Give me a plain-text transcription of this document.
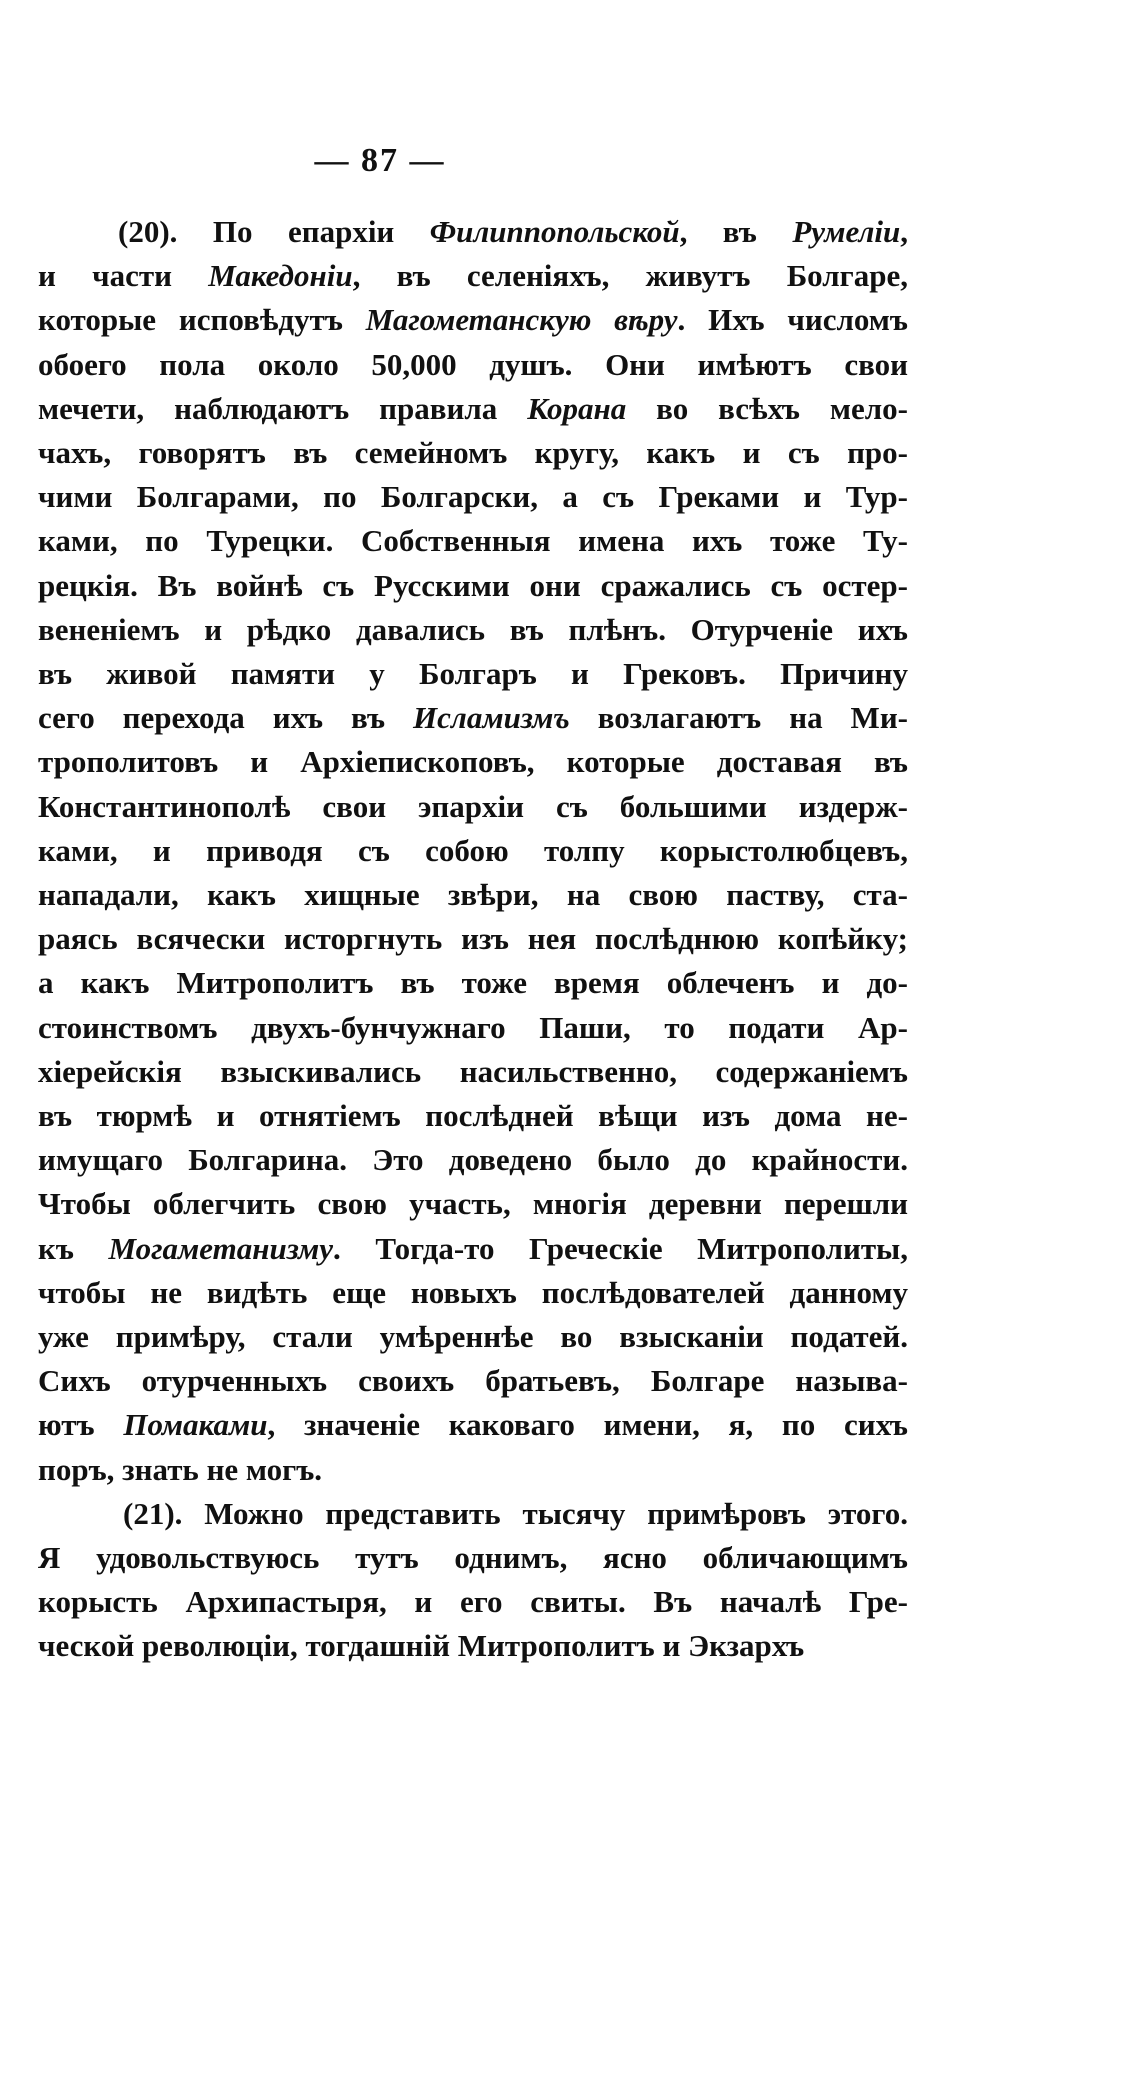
— 87 —
(20). По епархіи Филиппопольской, въ Румеліи,
и части Македоніи, въ селеніяхъ, живутъ Болгаре,
которые исповѣдутъ Магометанскую вѣру. Ихъ числомъ
обоего пола около 50,000 душъ. Они имѣютъ свои
мечети, наблюдаютъ правила Корана во всѣхъ мело-
чахъ, говорятъ въ семейномъ кругу, какъ и съ про-
чими Болгарами, по Болгарски, а съ Греками и Тур-
ками, по Турецки. Собственныя имена ихъ тоже Ту-
рецкія. Въ войнѣ съ Русскими они сражались съ остер-
вененіемъ и рѣдко давались въ плѣнъ. Отурченіе ихъ
въ живой памяти у Болгаръ и Грековъ. Причину
сего перехода ихъ въ Исламизмъ возлагаютъ на Ми-
трополитовъ и Архіепископовъ, которые доставая въ
Константинополѣ свои эпархіи съ большими издерж-
ками, и приводя съ собою толпу корыстолюбцевъ,
нападали, какъ хищные звѣри, на свою паству, ста-
раясь всячески исторгнуть изъ нея послѣднюю копѣйку;
а какъ Митрополитъ въ тоже время облеченъ и до-
стоинствомъ двухъ-бунчужнаго Паши, то подати Ар-
хіерейскія взыскивались насильственно, содержаніемъ
въ тюрмѣ и отнятіемъ послѣдней вѣщи изъ дома не-
имущаго Болгарина. Это доведено было до крайности.
Чтобы облегчить свою участь, многія деревни перешли
къ Могаметанизму. Тогда-то Греческіе Митрополиты,
чтобы не видѣть еще новыхъ послѣдователей данному
уже примѣру, стали умѣреннѣе во взысканіи податей.
Сихъ отурченныхъ своихъ братьевъ, Болгаре называ-
ютъ Помаками, значеніе каковаго имени, я, по сихъ
поръ, знать не могъ.
(21). Можно представить тысячу примѣровъ этого.
Я удовольствуюсь тутъ однимъ, ясно обличающимъ
корысть Архипастыря, и его свиты. Въ началѣ Гре-
ческой революціи, тогдашній Митрополитъ и Экзархъ
